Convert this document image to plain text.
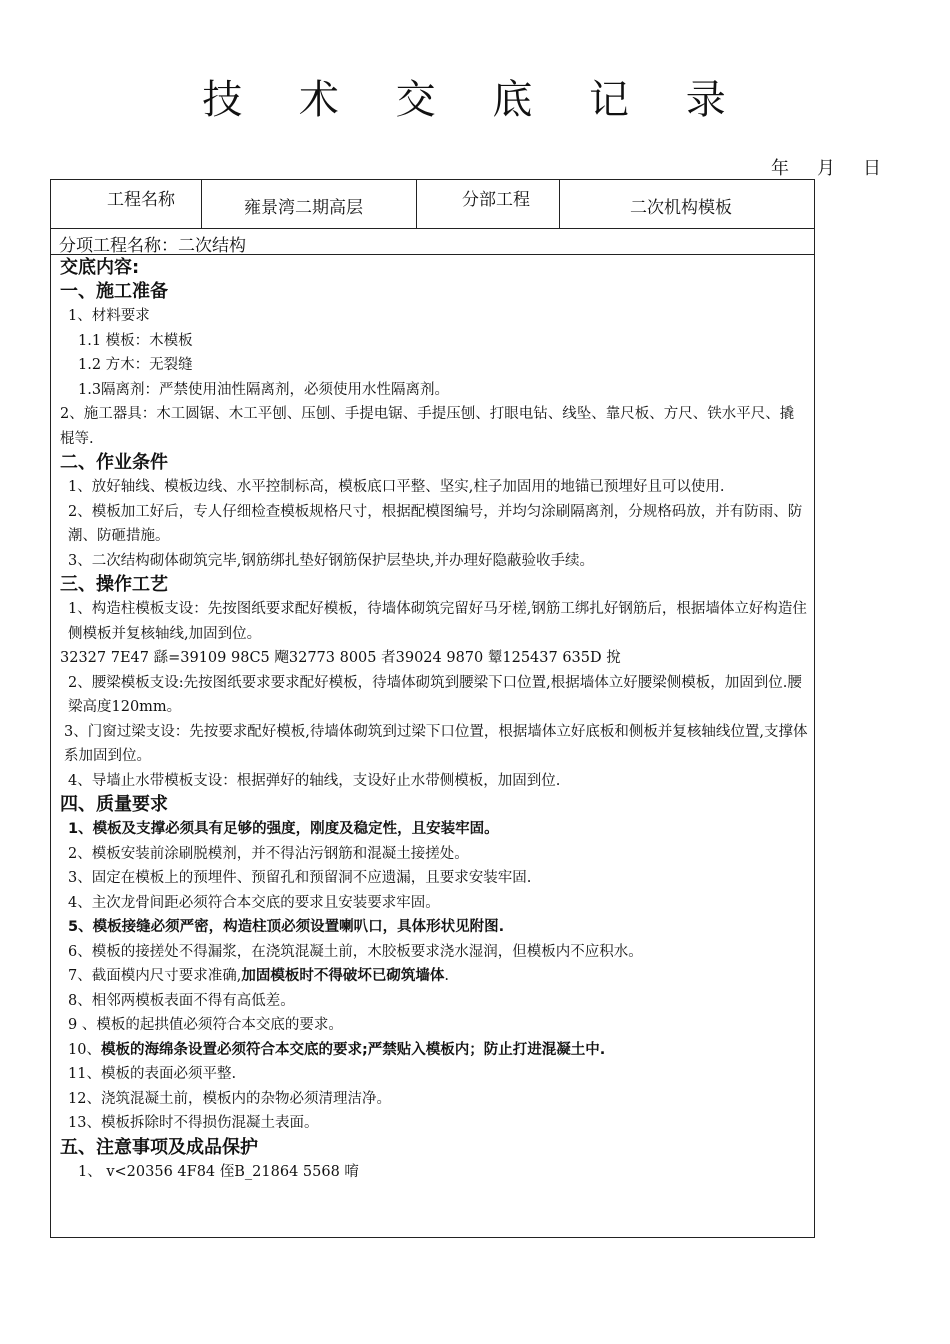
技 术 交 底 记 录
年 月 日
工程名称	雍景湾二期高层	分部工程	二次机构模板
分项工程名称：二次结构
交底内容:
一、施工准备
1、材料要求
1.1 模板：木模板
1.2 方木：无裂缝
1.3隔离剂：严禁使用油性隔离剂，必须使用水性隔离剂。
2、施工器具：木工圆锯、木工平刨、压刨、手提电锯、手提压刨、打眼电钻、线坠、靠尺板、方尺、铁水平尺、撬棍等.
二、作业条件
1、放好轴线、模板边线、水平控制标高，模板底口平整、坚实,柱子加固用的地锚已预埋好且可以使用.
2、模板加工好后，专人仔细检查模板规格尺寸，根据配模图编号，并均匀涂刷隔离剂，分规格码放，并有防雨、防潮、防砸措施。
3、二次结构砌体砌筑完毕,钢筋绑扎垫好钢筋保护层垫块,并办理好隐蔽验收手续。
三、操作工艺
1、构造柱模板支设：先按图纸要求配好模板，待墙体砌筑完留好马牙槎,钢筋工绑扎好钢筋后，根据墙体立好构造住侧模板并复核轴线,加固到位。
32327 7E47 繇=39109 98C5 飗32773 8005 者39024 9870 颦125437 635D 挩
2、腰梁模板支设:先按图纸要求要求配好模板，待墙体砌筑到腰梁下口位置,根据墙体立好腰梁侧模板，加固到位.腰梁高度120mm。
3、门窗过梁支设：先按要求配好模板,待墙体砌筑到过梁下口位置，根据墙体立好底板和侧板并复核轴线位置,支撑体系加固到位。
4、导墙止水带模板支设：根据弹好的轴线，支设好止水带侧模板，加固到位.
四、质量要求
1、模板及支撑必须具有足够的强度，刚度及稳定性，且安装牢固。
2、模板安装前涂刷脱模剂，并不得沾污钢筋和混凝土接搓处。
3、固定在模板上的预埋件、预留孔和预留洞不应遗漏，且要求安装牢固.
4、主次龙骨间距必须符合本交底的要求且安装要求牢固。
5、模板接缝必须严密，构造柱顶必须设置喇叭口，具体形状见附图.
6、模板的接搓处不得漏浆，在浇筑混凝土前，木胶板要求浇水湿润，但模板内不应积水。
7、截面模内尺寸要求准确,加固模板时不得破坏已砌筑墙体.
8、相邻两模板表面不得有高低差。
9 、模板的起拱值必须符合本交底的要求。
10、模板的海绵条设置必须符合本交底的要求;严禁贴入模板内；防止打进混凝土中.
11、模板的表面必须平整.
12、浇筑混凝土前，模板内的杂物必须清理洁净。
13、模板拆除时不得损伤混凝土表面。
五、注意事项及成品保护
1、 v<20356 4F84 侄B_21864 5568 唷
